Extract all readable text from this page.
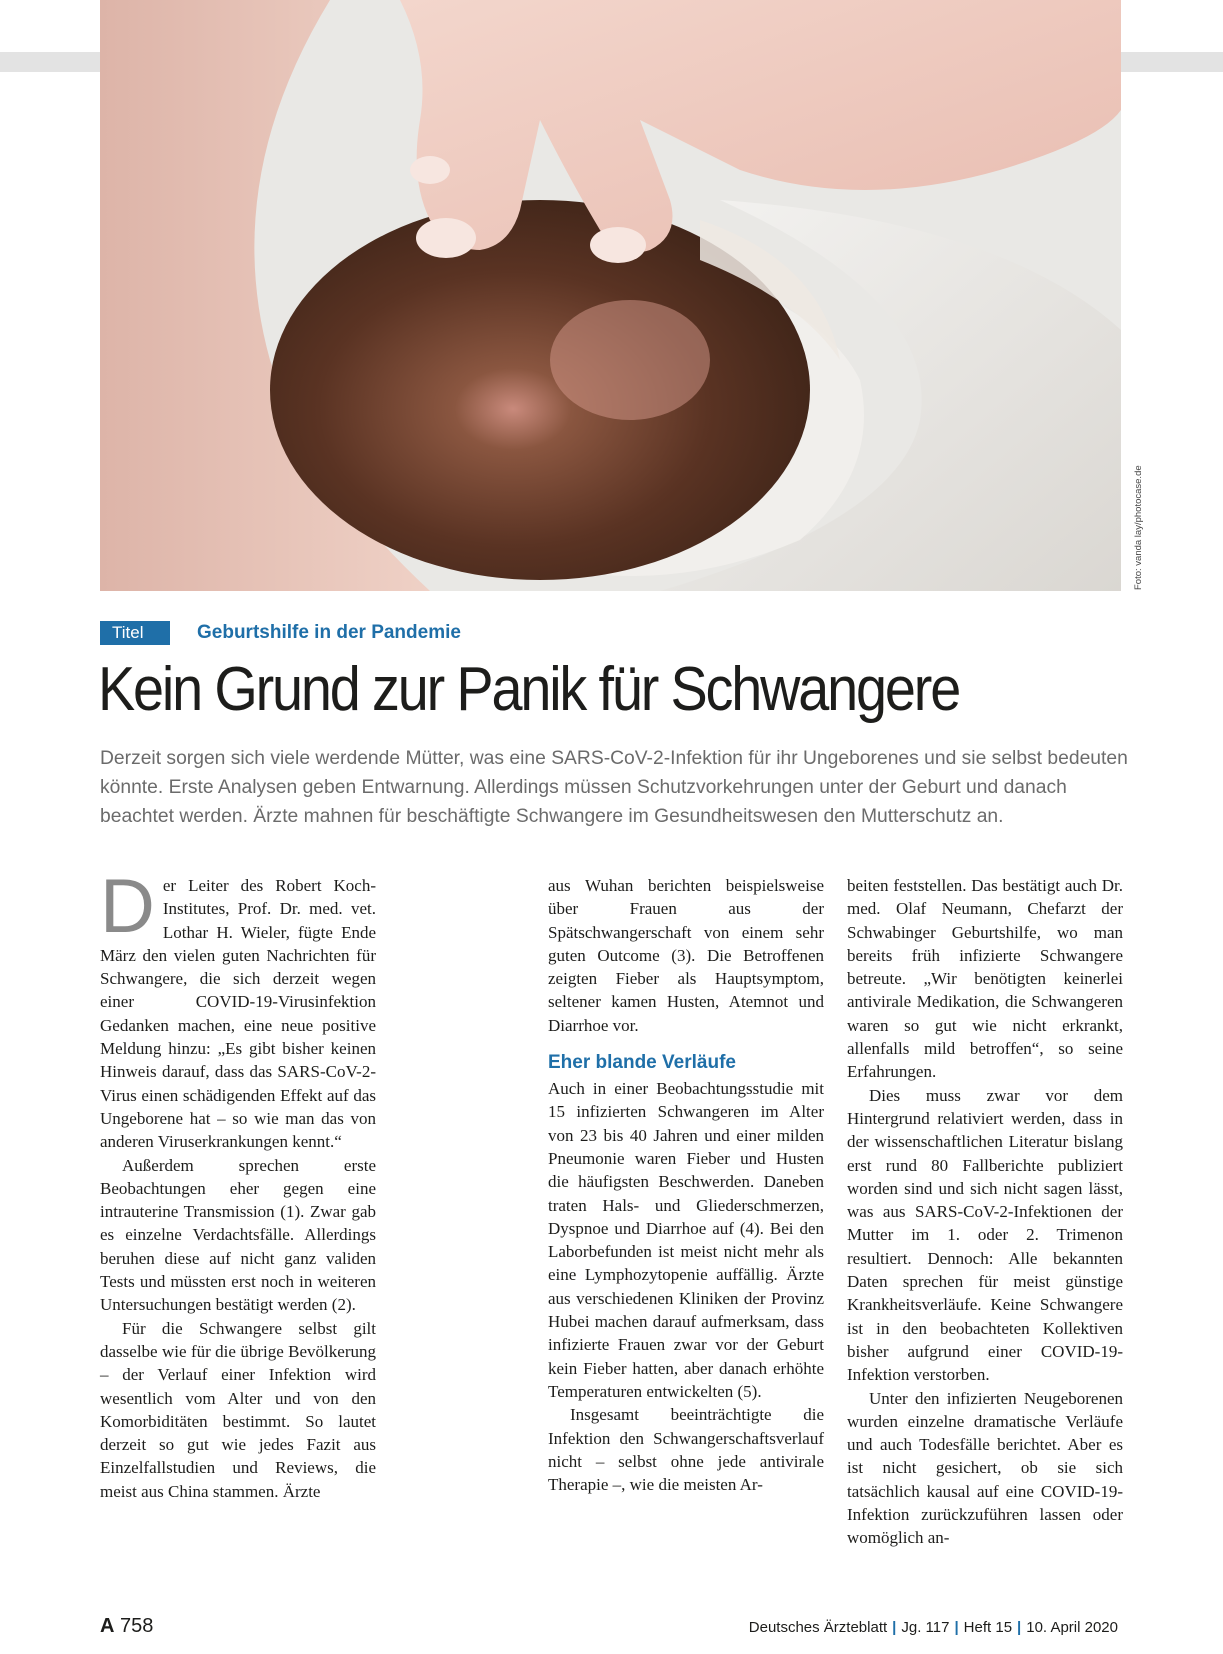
Foto: vanda lay/photocase.de
Titel	Geburtshilfe in der Pandemie
Kein Grund zur Panik für Schwangere

Derzeit sorgen sich viele werdende Mütter, was eine SARS-CoV-2-Infektion für ihr Ungeborenes und sie selbst bedeuten könnte. Erste Analysen geben Entwarnung. Allerdings müssen Schutzvorkehrungen unter der Geburt und danach beachtet werden. Ärzte mahnen für beschäftigte Schwangere im Gesundheitswesen den Mutterschutz an.

Der Leiter des Robert Koch-Institutes, Prof. Dr. med. vet. Lothar H. Wieler, fügte Ende März den vielen guten Nachrichten für Schwangere, die sich derzeit wegen einer COVID-19-Virusinfektion Gedanken machen, eine neue positive Meldung hinzu: „Es gibt bisher keinen Hinweis darauf, dass das SARS-CoV-2-Virus einen schädigenden Effekt auf das Ungeborene hat – so wie man das von anderen Viruserkrankungen kennt.“

Außerdem sprechen erste Beobachtungen eher gegen eine intrauterine Transmission (1). Zwar gab es einzelne Verdachtsfälle. Allerdings beruhen diese auf nicht ganz validen Tests und müssten erst noch in weiteren Untersuchungen bestätigt werden (2).

Für die Schwangere selbst gilt dasselbe wie für die übrige Bevölkerung – der Verlauf einer Infektion wird wesentlich vom Alter und von den Komorbiditäten bestimmt. So lautet derzeit so gut wie jedes Fazit aus Einzelfallstudien und Reviews, die meist aus China stammen. Ärzte

aus Wuhan berichten beispielsweise über Frauen aus der Spätschwangerschaft von einem sehr guten Outcome (3). Die Betroffenen zeigten Fieber als Hauptsymptom, seltener kamen Husten, Atemnot und Diarrhoe vor.

Eher blande Verläufe

Auch in einer Beobachtungsstudie mit 15 infizierten Schwangeren im Alter von 23 bis 40 Jahren und einer milden Pneumonie waren Fieber und Husten die häufigsten Beschwerden. Daneben traten Hals- und Gliederschmerzen, Dyspnoe und Diarrhoe auf (4). Bei den Laborbefunden ist meist nicht mehr als eine Lymphozytopenie auffällig. Ärzte aus verschiedenen Kliniken der Provinz Hubei machen darauf aufmerksam, dass infizierte Frauen zwar vor der Geburt kein Fieber hatten, aber danach erhöhte Temperaturen entwickelten (5).

Insgesamt beeinträchtigte die Infektion den Schwangerschaftsverlauf nicht – selbst ohne jede antivirale Therapie –, wie die meisten Ar-

beiten feststellen. Das bestätigt auch Dr. med. Olaf Neumann, Chefarzt der Schwabinger Geburtshilfe, wo man bereits früh infizierte Schwangere betreute. „Wir benötigten keinerlei antivirale Medikation, die Schwangeren waren so gut wie nicht erkrankt, allenfalls mild betroffen“, so seine Erfahrungen.

Dies muss zwar vor dem Hintergrund relativiert werden, dass in der wissenschaftlichen Literatur bislang erst rund 80 Fallberichte publiziert worden sind und sich nicht sagen lässt, was aus SARS-CoV-2-Infektionen der Mutter im 1. oder 2. Trimenon resultiert. Dennoch: Alle bekannten Daten sprechen für meist günstige Krankheitsverläufe. Keine Schwangere ist in den beobachteten Kollektiven bisher aufgrund einer COVID-19-Infektion verstorben.

Unter den infizierten Neugeborenen wurden einzelne dramatische Verläufe und auch Todesfälle berichtet. Aber es ist nicht gesichert, ob sie sich tatsächlich kausal auf eine COVID-19-Infektion zurückzuführen lassen oder womöglich an-

A 758	Deutsches Ärzteblatt | Jg. 117 | Heft 15 | 10. April 2020
